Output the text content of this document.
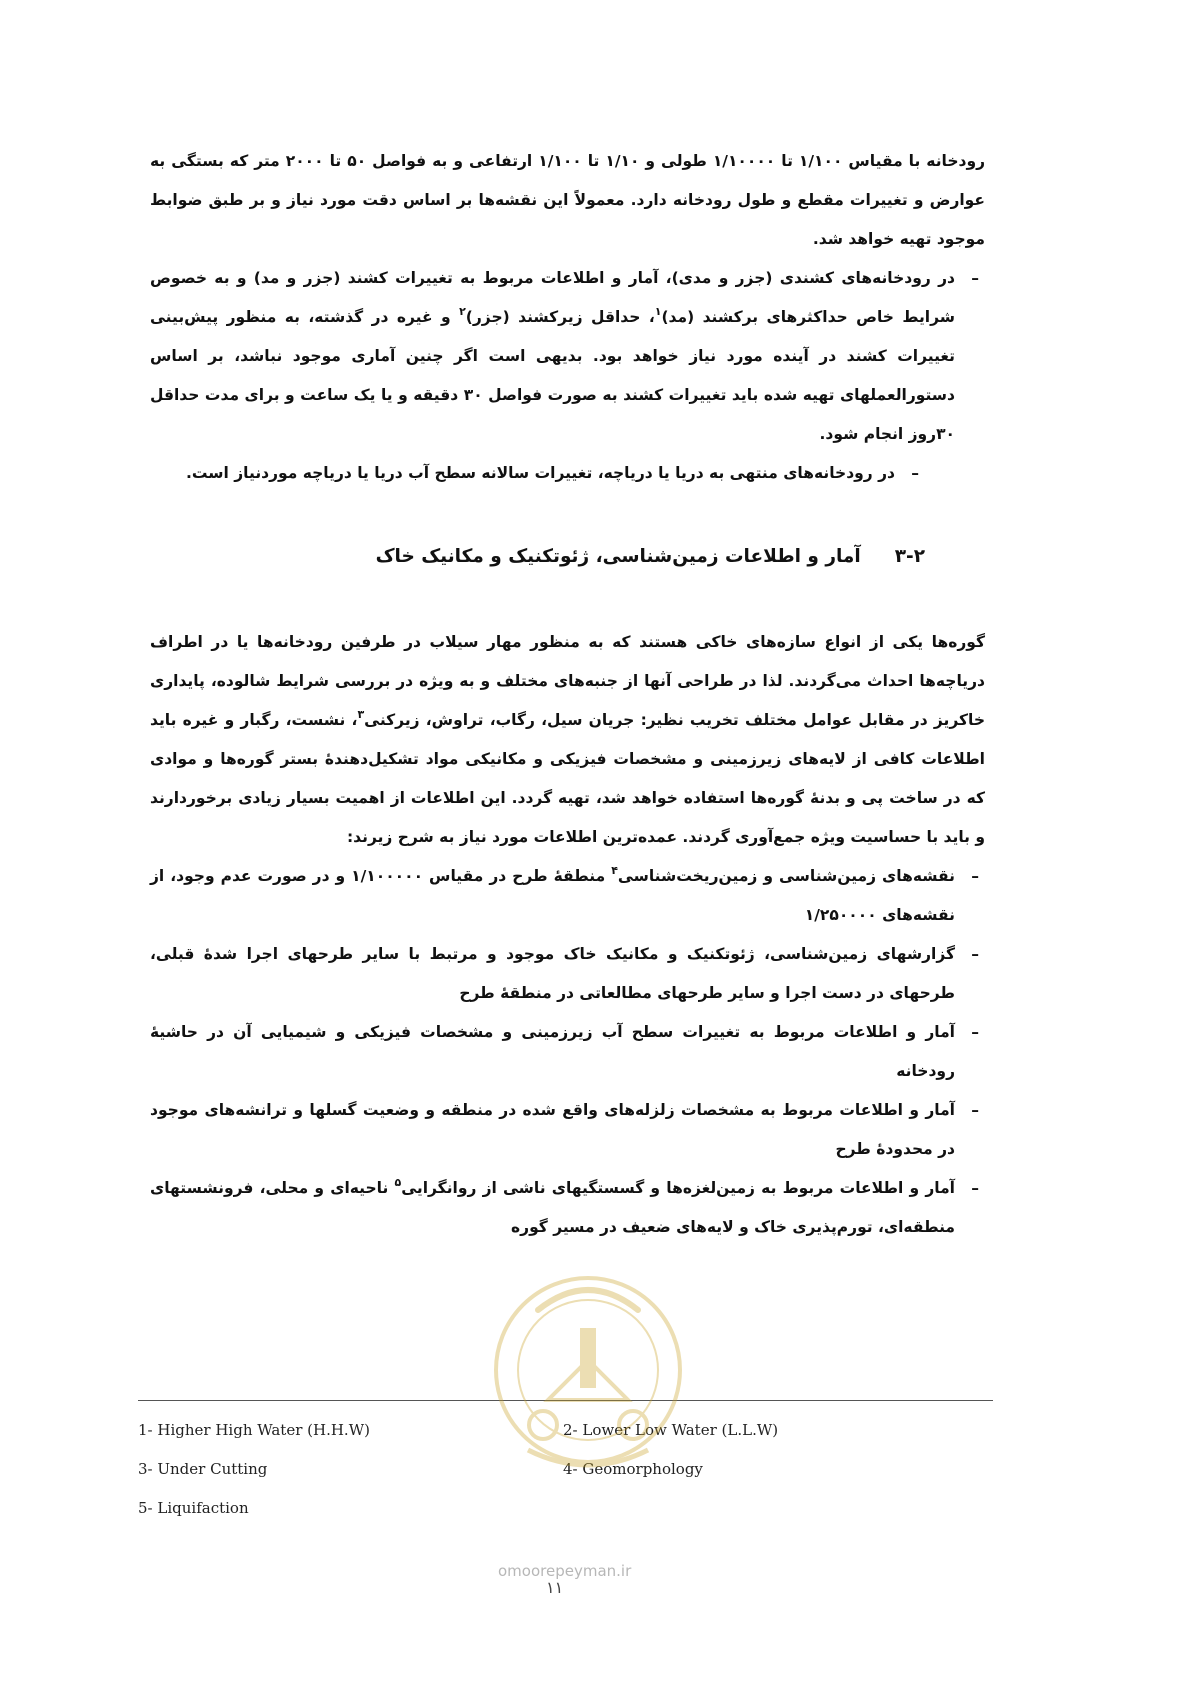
رودخانه با مقیاس ۱/۱۰۰ تا ۱/۱۰۰۰۰ طولی و ۱/۱۰ تا ۱/۱۰۰ ارتفاعی و به فواصل ۵۰ تا ۲۰۰۰ متر که بستگی به عوارض و تغییرات مقطع و طول رودخانه دارد. معمولاً این نقشه‌ها بر اساس دقت مورد نیاز و بر طبق ضوابط موجود تهیه خواهد شد.

–
در رودخانه‌های کشندی (جزر و مدی)، آمار و اطلاعات مربوط به تغییرات کشند (جزر و مد) و به خصوص شرایط خاص حداکثرهای برکشند (مد)$^۱$، حداقل زیرکشند (جزر)$^۲$ و غیره در گذشته، به منظور پیش‌بینی تغییرات کشند در آینده مورد نیاز خواهد بود. بدیهی است اگر چنین آماری موجود نباشد، بر اساس دستورالعملهای تهیه شده باید تغییرات کشند به صورت فواصل ۳۰ دقیقه و یا یک ساعت و برای مدت حداقل ۳۰روز انجام شود.

–
در رودخانه‌های منتهی به دریا یا دریاچه، تغییرات سالانه سطح آب دریا یا دریاچه موردنیاز است.

۳-۲آمار و اطلاعات زمین‌شناسی، ژئوتکنیک و مکانیک خاک

گوره‌ها یکی از انواع سازه‌های خاکی هستند که به منظور مهار سیلاب در طرفین رودخانه‌ها یا در اطراف دریاچه‌ها احداث می‌گردند. لذا در طراحی آنها از جنبه‌های مختلف و به ویژه در بررسی شرایط شالوده، پایداری خاکریز در مقابل عوامل مختلف تخریب نظیر: جریان سیل، رگاب، تراوش، زیرکنی$^۳$، نشست، رگبار و غیره باید اطلاعات کافی از لایه‌های زیرزمینی و مشخصات فیزیکی و مکانیکی مواد تشکیل‌دهندهٔ بستر گوره‌ها و موادی که در ساخت پی و بدنهٔ گوره‌ها استفاده خواهد شد، تهیه گردد. این اطلاعات از اهمیت بسیار زیادی برخوردارند و باید با حساسیت ویژه جمع‌آوری گردند. عمده‌ترین اطلاعات مورد نیاز به شرح زیرند:

–
نقشه‌های زمین‌شناسی و زمین‌ریخت‌شناسی$^۴$ منطقهٔ طرح در مقیاس ۱/۱۰۰۰۰۰ و در صورت عدم وجود، از نقشه‌های ۱/۲۵۰۰۰۰

–
گزارشهای زمین‌شناسی، ژئوتکنیک و مکانیک خاک موجود و مرتبط با سایر طرحهای اجرا شدهٔ قبلی، طرحهای در دست اجرا و سایر طرحهای مطالعاتی در منطقهٔ طرح

–
آمار و اطلاعات مربوط به تغییرات سطح آب زیرزمینی و مشخصات فیزیکی و شیمیایی آن در حاشیهٔ رودخانه

–
آمار و اطلاعات مربوط به مشخصات زلزله‌های واقع شده در منطقه و وضعیت گسلها و ترانشه‌های موجود در محدودهٔ طرح

–
آمار و اطلاعات مربوط به زمین‌لغزه‌ها و گسستگیهای ناشی از روانگرایی$^۵$ ناحیه‌ای و محلی، فرونشستهای منطقه‌ای، تورم‌پذیری خاک و لایه‌های ضعیف در مسیر گوره

1- Higher High Water (H.H.W)	2- Lower Low Water (L.L.W)
3- Under Cutting	4- Geomorphology
5- Liquifaction
omoorepeyman.ir
۱۱
